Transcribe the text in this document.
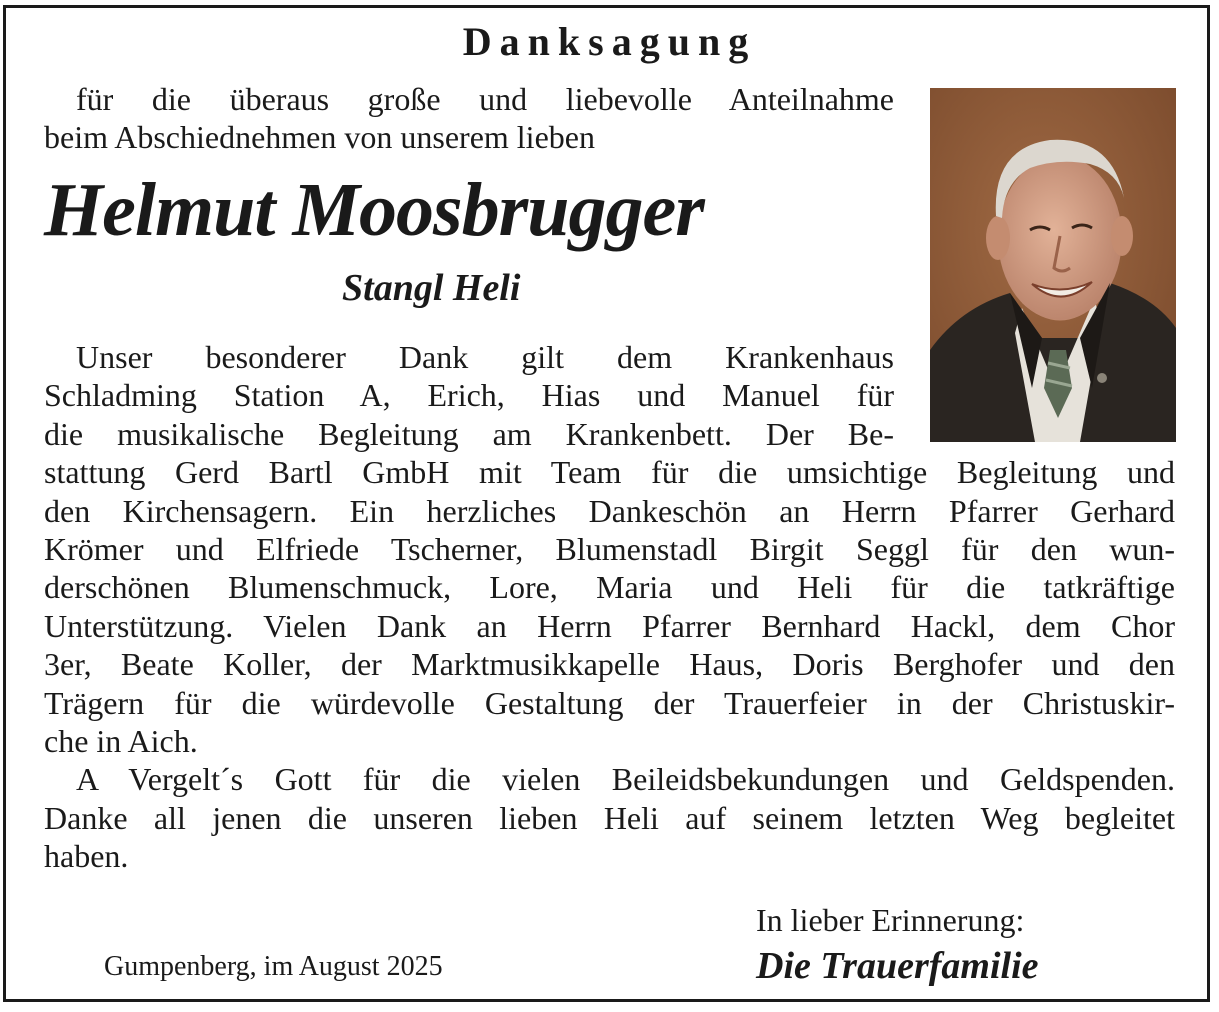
Danksagung
für die überaus große und liebevolle Anteilnahme
beim Abschiednehmen von unserem lieben
Helmut Moosbrugger
Stangl Heli
Unser besonderer Dank gilt dem Krankenhaus
Schladming Station A, Erich, Hias und Manuel für
die musikalische Begleitung am Krankenbett. Der Be-
stattung Gerd Bartl GmbH mit Team für die umsichtige Begleitung und
den Kirchensagern. Ein herzliches Dankeschön an Herrn Pfarrer Gerhard
Krömer und Elfriede Tscherner, Blumenstadl Birgit Seggl für den wun-
derschönen Blumenschmuck, Lore, Maria und Heli für die tatkräftige
Unterstützung. Vielen Dank an Herrn Pfarrer Bernhard Hackl, dem Chor
3er, Beate Koller, der Marktmusikkapelle Haus, Doris Berghofer und den
Trägern für die würdevolle Gestaltung der Trauerfeier in der Christuskir-
che in Aich.
A Vergelt´s Gott für die vielen Beileidsbekundungen und Geldspenden.
Danke all jenen die unseren lieben Heli auf seinem letzten Weg begleitet
haben.
In lieber Erinnerung:
Die Trauerfamilie
Gumpenberg, im August 2025
